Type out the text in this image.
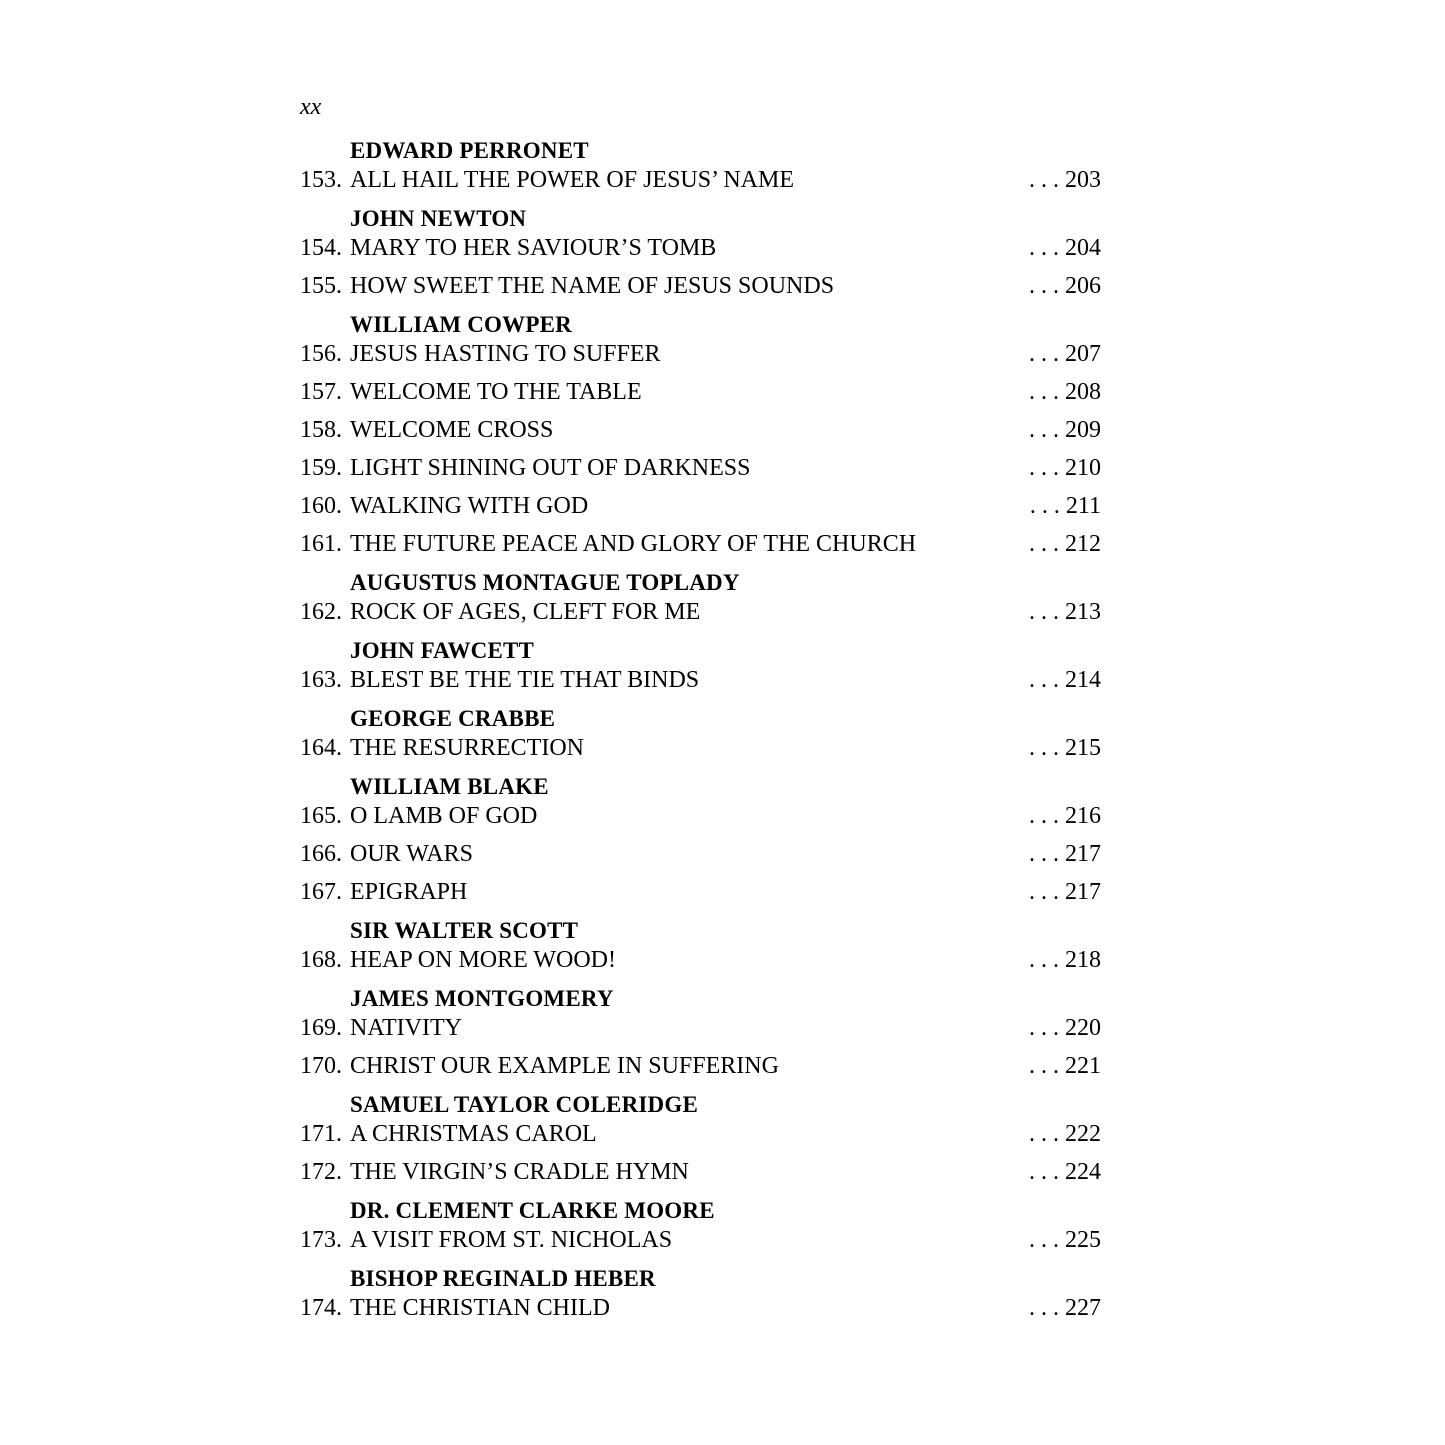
xx
EDWARD PERRONET
153. ALL HAIL THE POWER OF JESUS’ NAME	. . . 203
JOHN NEWTON
154. MARY TO HER SAVIOUR’S TOMB	. . . 204
155. HOW SWEET THE NAME OF JESUS SOUNDS	. . . 206
WILLIAM COWPER
156. JESUS HASTING TO SUFFER	. . . 207
157. WELCOME TO THE TABLE	. . . 208
158. WELCOME CROSS	. . . 209
159. LIGHT SHINING OUT OF DARKNESS	. . . 210
160. WALKING WITH GOD	. . . 211
161. THE FUTURE PEACE AND GLORY OF THE CHURCH	. . . 212
AUGUSTUS MONTAGUE TOPLADY
162. ROCK OF AGES, CLEFT FOR ME	. . . 213
JOHN FAWCETT
163. BLEST BE THE TIE THAT BINDS	. . . 214
GEORGE CRABBE
164. THE RESURRECTION	. . . 215
WILLIAM BLAKE
165. O LAMB OF GOD	. . . 216
166. OUR WARS	. . . 217
167. EPIGRAPH	. . . 217
SIR WALTER SCOTT
168. HEAP ON MORE WOOD!	. . . 218
JAMES MONTGOMERY
169. NATIVITY	. . . 220
170. CHRIST OUR EXAMPLE IN SUFFERING	. . . 221
SAMUEL TAYLOR COLERIDGE
171. A CHRISTMAS CAROL	. . . 222
172. THE VIRGIN’S CRADLE HYMN	. . . 224
DR. CLEMENT CLARKE MOORE
173. A VISIT FROM ST. NICHOLAS	. . . 225
BISHOP REGINALD HEBER
174. THE CHRISTIAN CHILD	. . . 227
